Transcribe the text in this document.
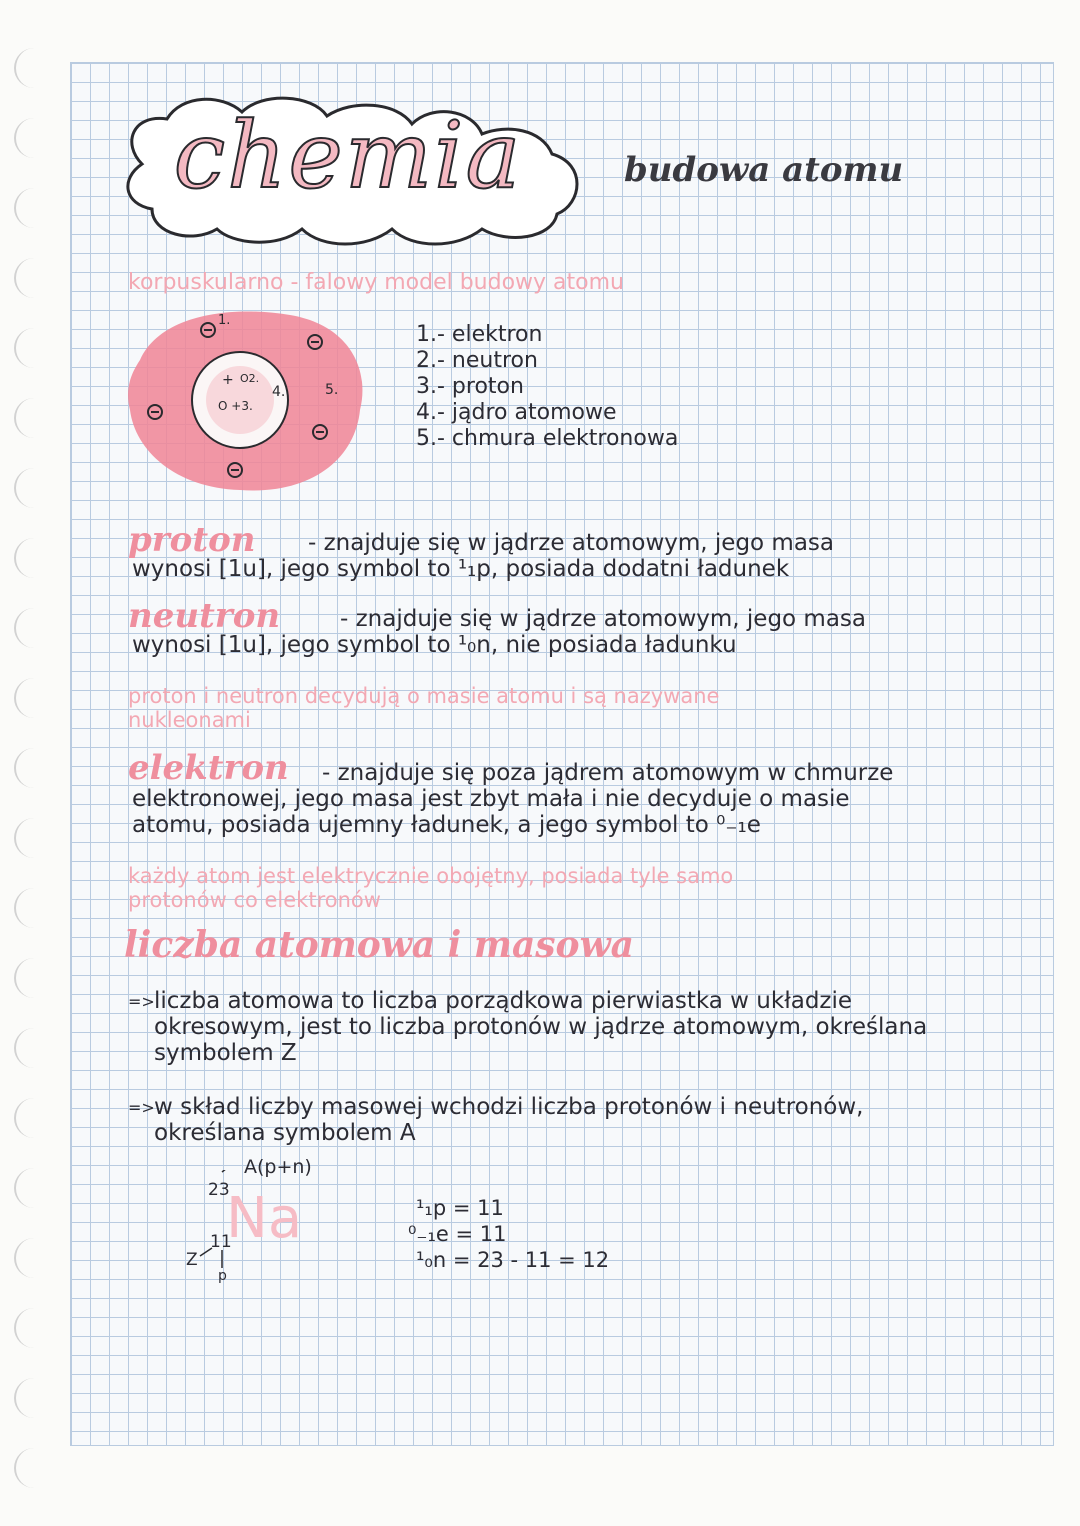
chemia	budowa atomu
korpuskularno - falowy model budowy atomu
1.
+ O2.
O +3.
4.	5.
1.- elektron
2.- neutron
3.- proton
4.- jądro atomowe
5.- chmura elektronowa
proton - znajduje się w jądrze atomowym, jego masa
wynosi [1u], jego symbol to ¹₁p, posiada dodatni ładunek
neutron	- znajduje się w jądrze atomowym, jego masa
wynosi [1u], jego symbol to ¹₀n, nie posiada ładunku
proton i neutron decydują o masie atomu i są nazywane
nukleonami
elektron - znajduje się poza jądrem atomowym w chmurze
elektronowej, jego masa jest zbyt mała i nie decyduje o masie
atomu, posiada ujemny ładunek, a jego symbol to ⁰₋₁e
każdy atom jest elektrycznie obojętny, posiada tyle samo
protonów co elektronów
liczba atomowa i masowa
=> liczba atomowa to liczba porządkowa pierwiastka w układzie
okresowym, jest to liczba protonów w jądrze atomowym, określana
symbolem Z
=> w skład liczby masowej wchodzi liczba protonów i neutronów,
określana symbolem A
23
A(p+n)
Na
11
Z
p
¹₁p = 11
⁰₋₁e = 11
¹₀n = 23 - 11 = 12
